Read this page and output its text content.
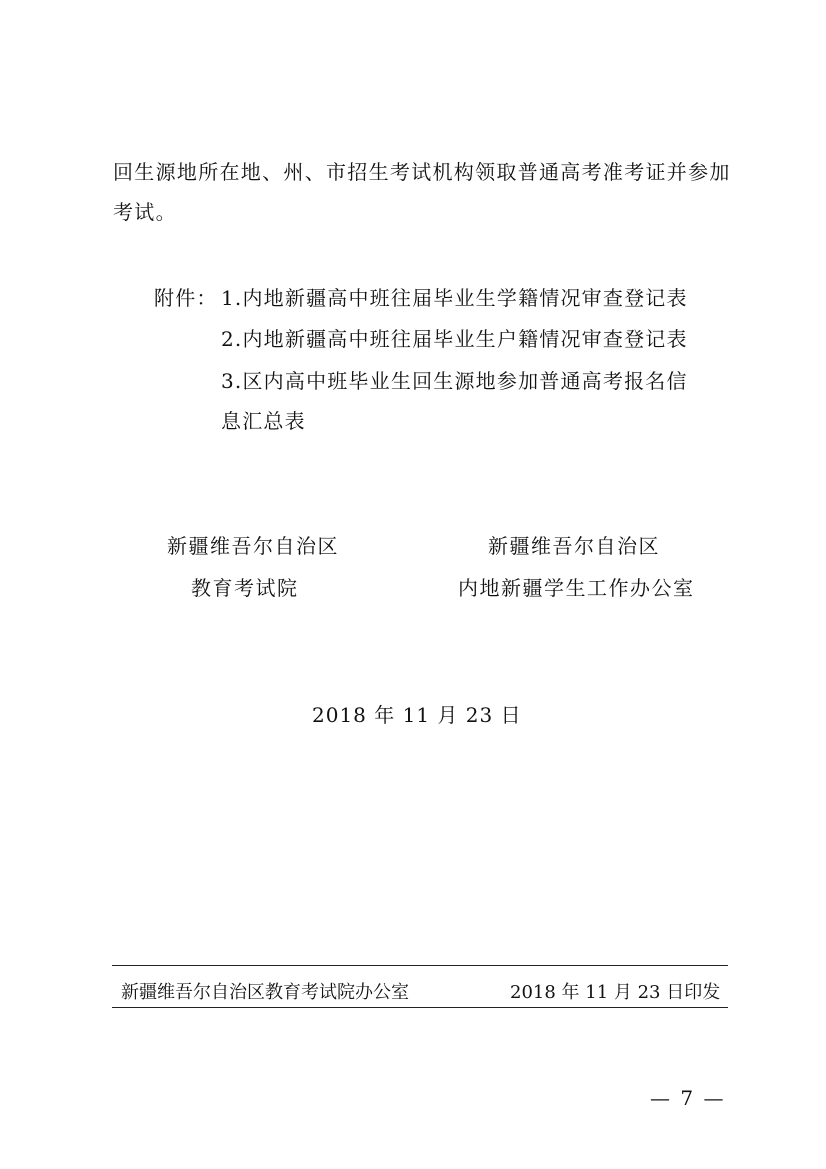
回生源地所在地、州、市招生考试机构领取普通高考准考证并参加
考试。
附件： 1.内地新疆高中班往届毕业生学籍情况审查登记表
2.内地新疆高中班往届毕业生户籍情况审查登记表
3.区内高中班毕业生回生源地参加普通高考报名信
息汇总表
新疆维吾尔自治区
教育考试院
新疆维吾尔自治区
内地新疆学生工作办公室
2018 年 11 月 23 日
新疆维吾尔自治区教育考试院办公室	2018 年 11 月 23 日印发
— 7 —
